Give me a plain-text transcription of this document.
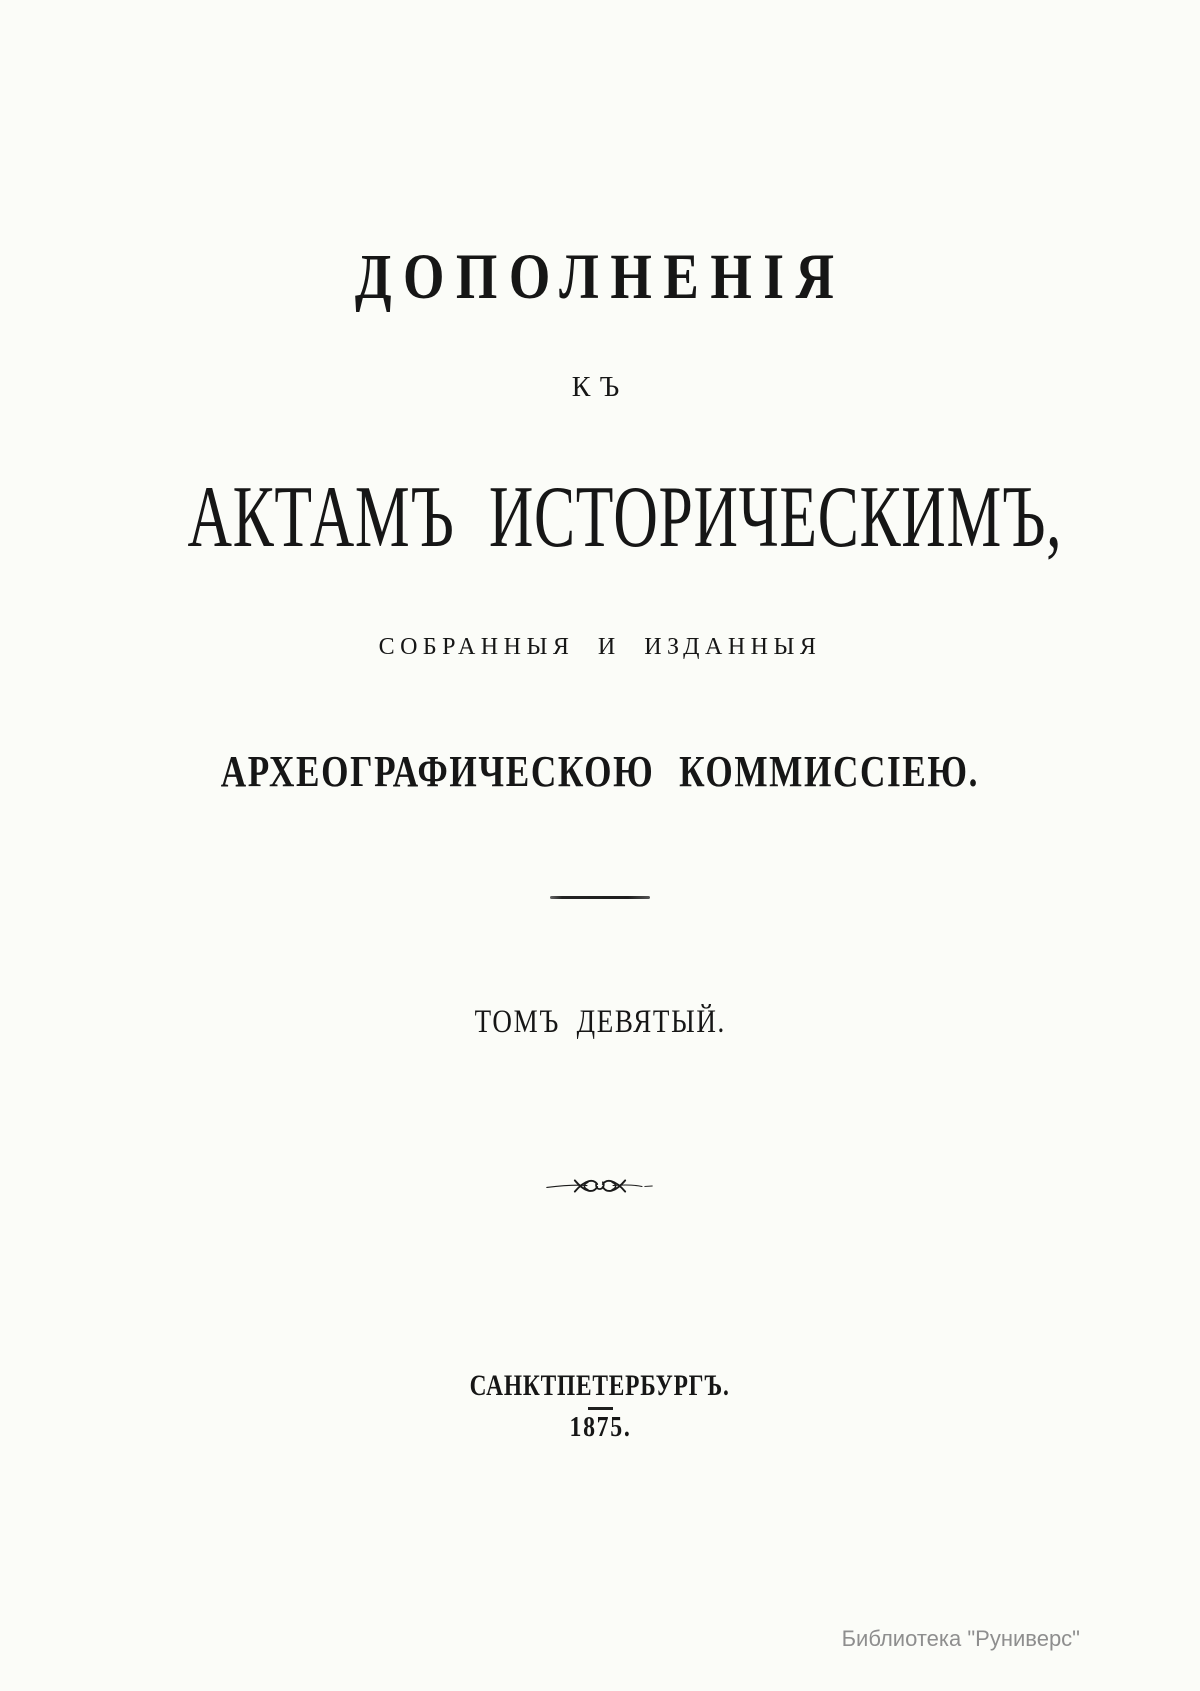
ДОПОЛНЕНІЯ
КЪ
АКТАМЪ ИСТОРИЧЕСКИМЪ,
СОБРАННЫЯ И ИЗДАННЫЯ
АРХЕОГРАФИЧЕСКОЮ КОММИССІЕЮ.
ТОМЪ ДЕВЯТЫЙ.
САНКТПЕТЕРБУРГЪ.
1875.
Библиотека "Руниверс"
